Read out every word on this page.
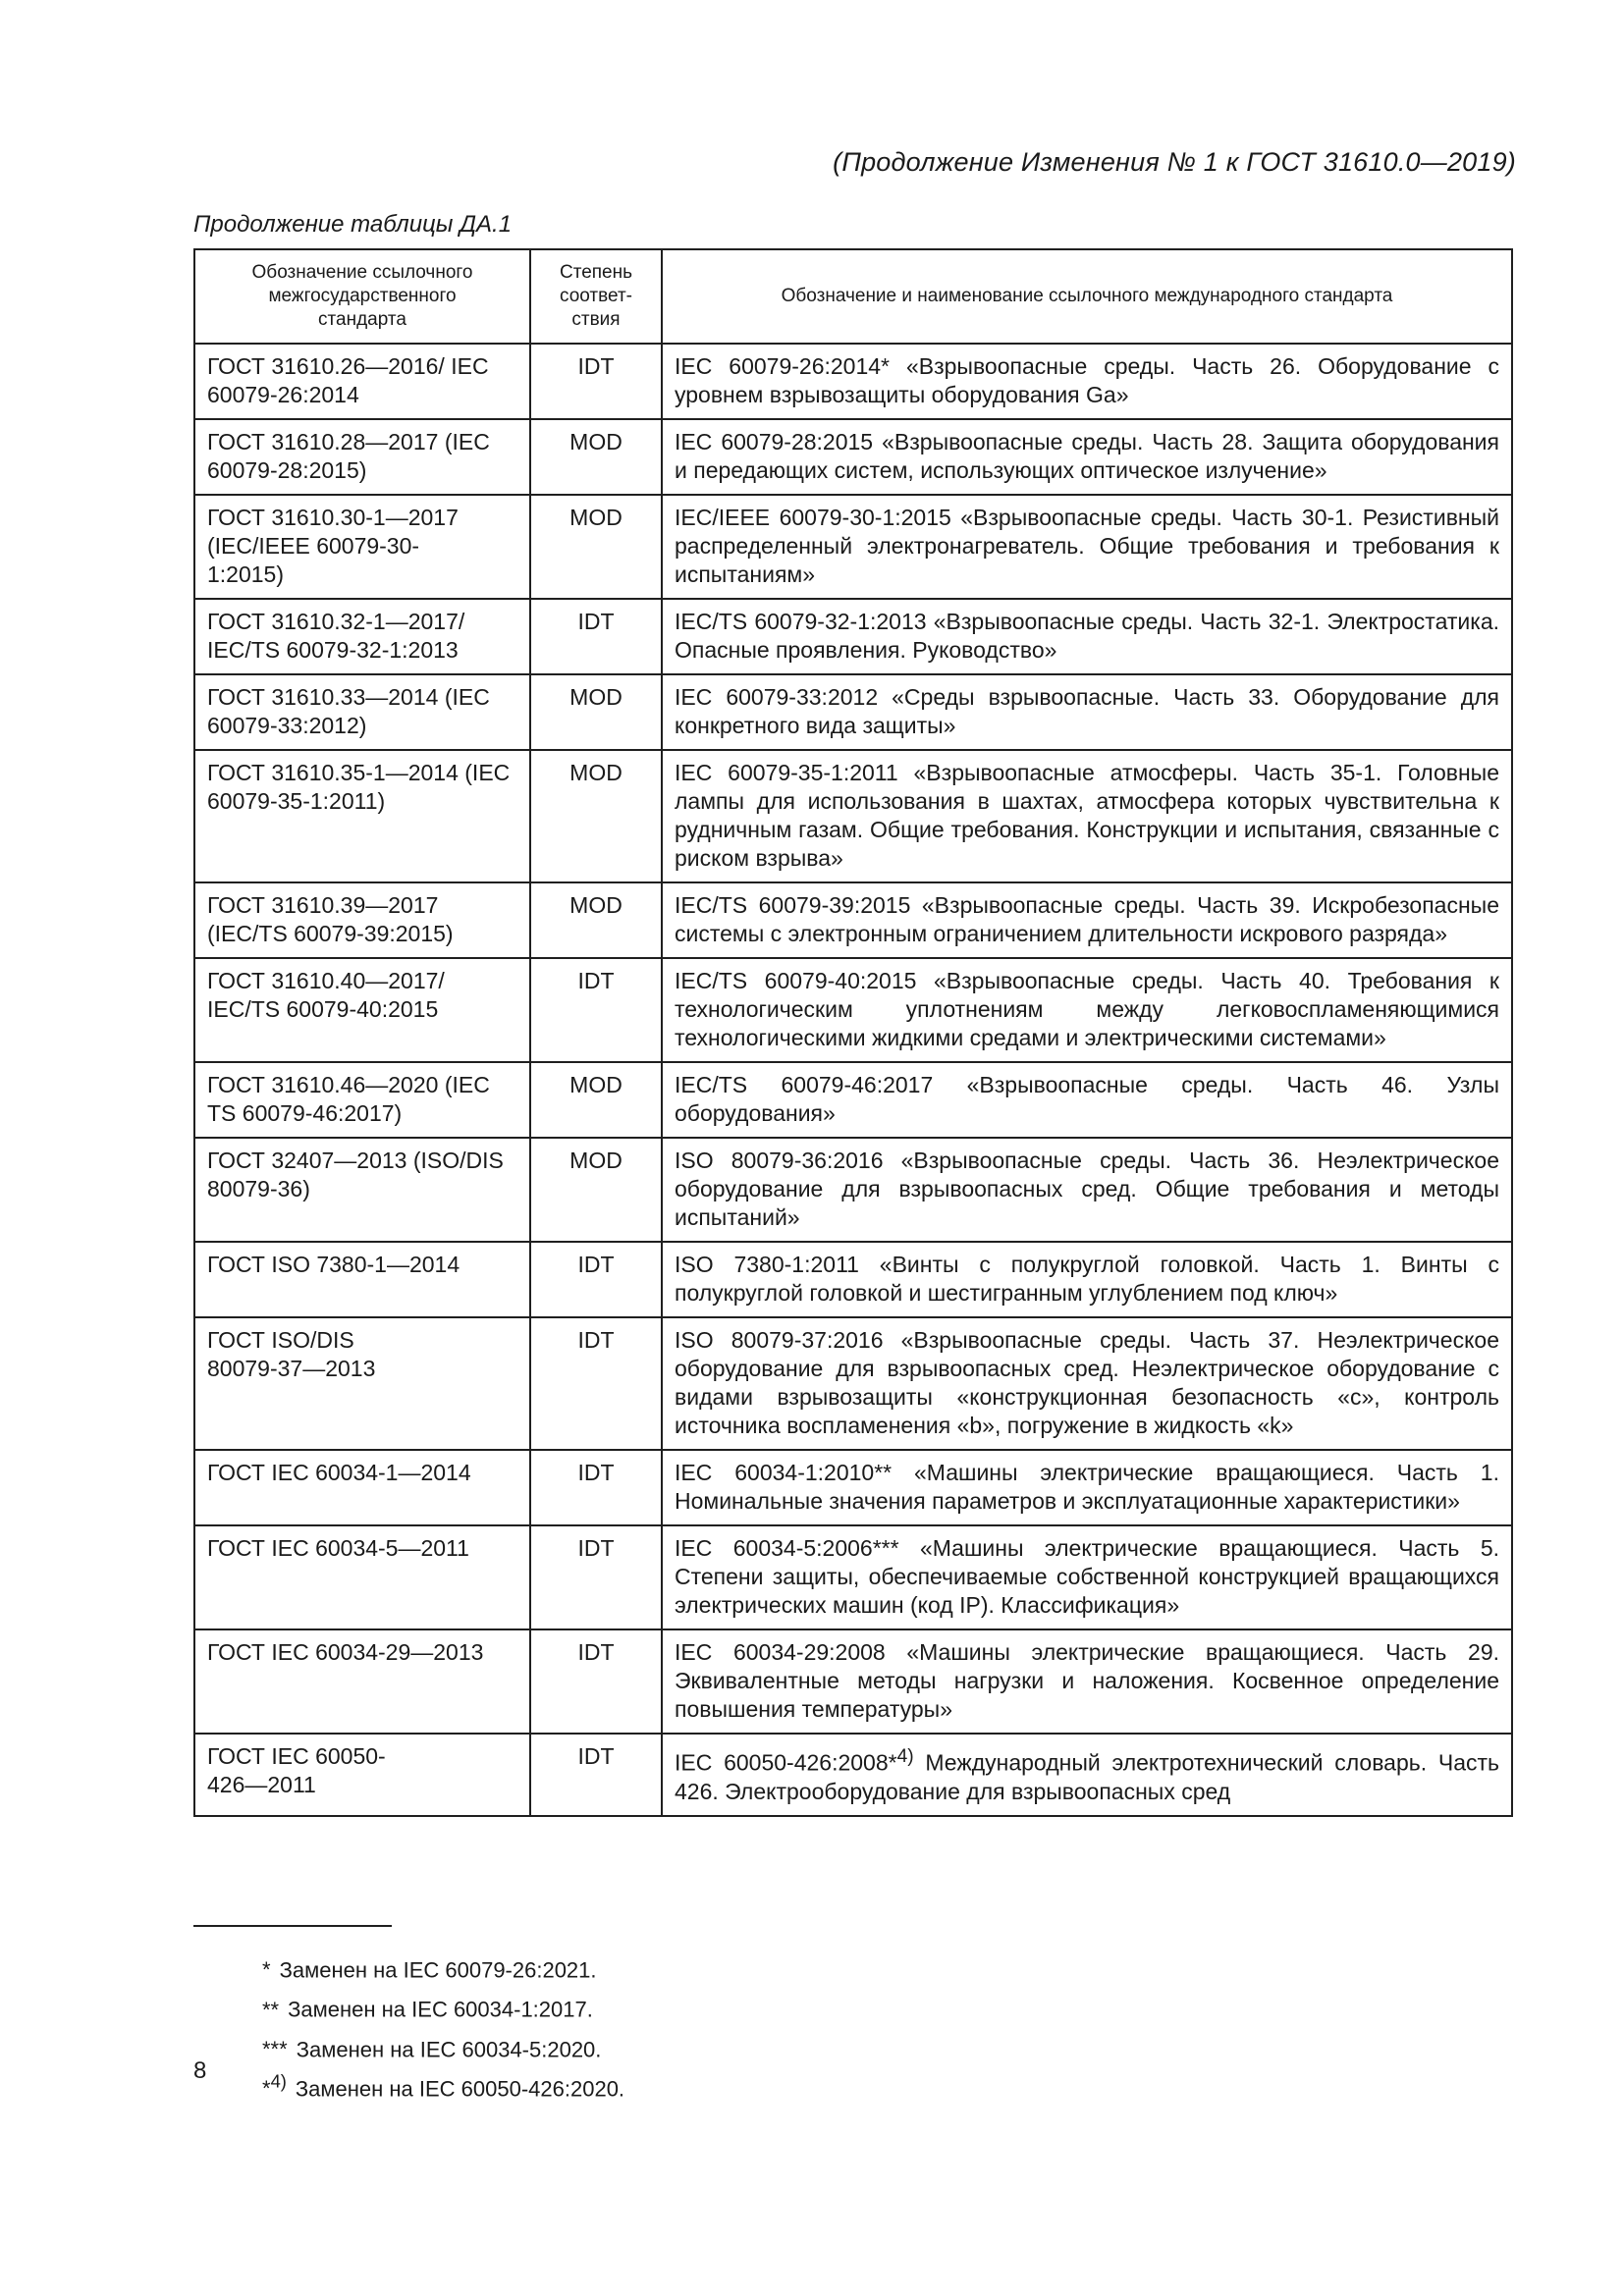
(Продолжение Изменения № 1 к ГОСТ 31610.0—2019)
Продолжение таблицы ДА.1
Обозначение ссылочного межгосударственного стандарта	Степень соответ-ствия	Обозначение и наименование ссылочного международного стандарта
ГОСТ 31610.26—2016/ IEC 60079-26:2014	IDT	IEC 60079-26:2014* «Взрывоопасные среды. Часть 26. Оборудование с уровнем взрывозащиты оборудования Ga»
ГОСТ 31610.28—2017 (IEC 60079-28:2015)	MOD	IEC 60079-28:2015 «Взрывоопасные среды. Часть 28. Защита оборудования и передающих систем, использующих оптическое излучение»
ГОСТ 31610.30-1—2017 (IEC/IEEE 60079-30-1:2015)	MOD	IEC/IEEE 60079-30-1:2015 «Взрывоопасные среды. Часть 30-1. Резистивный распределенный электронагреватель. Общие требования и требования к испытаниям»
ГОСТ 31610.32-1—2017/ IEC/TS 60079-32-1:2013	IDT	IEC/TS 60079-32-1:2013 «Взрывоопасные среды. Часть 32-1. Электростатика. Опасные проявления. Руководство»
ГОСТ 31610.33—2014 (IEC 60079-33:2012)	MOD	IEC 60079-33:2012 «Среды взрывоопасные. Часть 33. Оборудование для конкретного вида защиты»
ГОСТ 31610.35-1—2014 (IEC 60079-35-1:2011)	MOD	IEC 60079-35-1:2011 «Взрывоопасные атмосферы. Часть 35-1. Головные лампы для использования в шахтах, атмосфера которых чувствительна к рудничным газам. Общие требования. Конструкции и испытания, связанные с риском взрыва»
ГОСТ 31610.39—2017 (IEC/TS 60079-39:2015)	MOD	IEC/TS 60079-39:2015 «Взрывоопасные среды. Часть 39. Искробезопасные системы с электронным ограничением длительности искрового разряда»
ГОСТ 31610.40—2017/ IEC/TS 60079-40:2015	IDT	IEC/TS 60079-40:2015 «Взрывоопасные среды. Часть 40. Требования к технологическим уплотнениям между легковоспламеняющимися технологическими жидкими средами и электрическими системами»
ГОСТ 31610.46—2020 (IEC TS 60079-46:2017)	MOD	IEC/TS 60079-46:2017 «Взрывоопасные среды. Часть 46. Узлы оборудования»
ГОСТ 32407—2013 (ISO/DIS 80079-36)	MOD	ISO 80079-36:2016 «Взрывоопасные среды. Часть 36. Неэлектрическое оборудование для взрывоопасных сред. Общие требования и методы испытаний»
ГОСТ ISO 7380-1—2014	IDT	ISO 7380-1:2011 «Винты с полукруглой головкой. Часть 1. Винты с полукруглой головкой и шестигранным углублением под ключ»
ГОСТ ISO/DIS 80079-37—2013	IDT	ISO 80079-37:2016 «Взрывоопасные среды. Часть 37. Неэлектрическое оборудование для взрывоопасных сред. Неэлектрическое оборудование с видами взрывозащиты «конструкционная безопасность «с», контроль источника воспламенения «b», погружение в жидкость «k»
ГОСТ IEC 60034-1—2014	IDT	IEC 60034-1:2010** «Машины электрические вращающиеся. Часть 1. Номинальные значения параметров и эксплуатационные характеристики»
ГОСТ IEC 60034-5—2011	IDT	IEC 60034-5:2006*** «Машины электрические вращающиеся. Часть 5. Степени защиты, обеспечиваемые собственной конструкцией вращающихся электрических машин (код IP). Классификация»
ГОСТ IEC 60034-29—2013	IDT	IEC 60034-29:2008 «Машины электрические вращающиеся. Часть 29. Эквивалентные методы нагрузки и наложения. Косвенное определение повышения температуры»
ГОСТ IEC 60050-426—2011	IDT	IEC 60050-426:2008*$^{4)}$ Международный электротехнический словарь. Часть 426. Электрооборудование для взрывоопасных сред
* Заменен на IEC 60079-26:2021.
** Заменен на IEC 60034-1:2017.
*** Заменен на IEC 60034-5:2020.
*$^{4)}$ Заменен на IEC 60050-426:2020.
8
